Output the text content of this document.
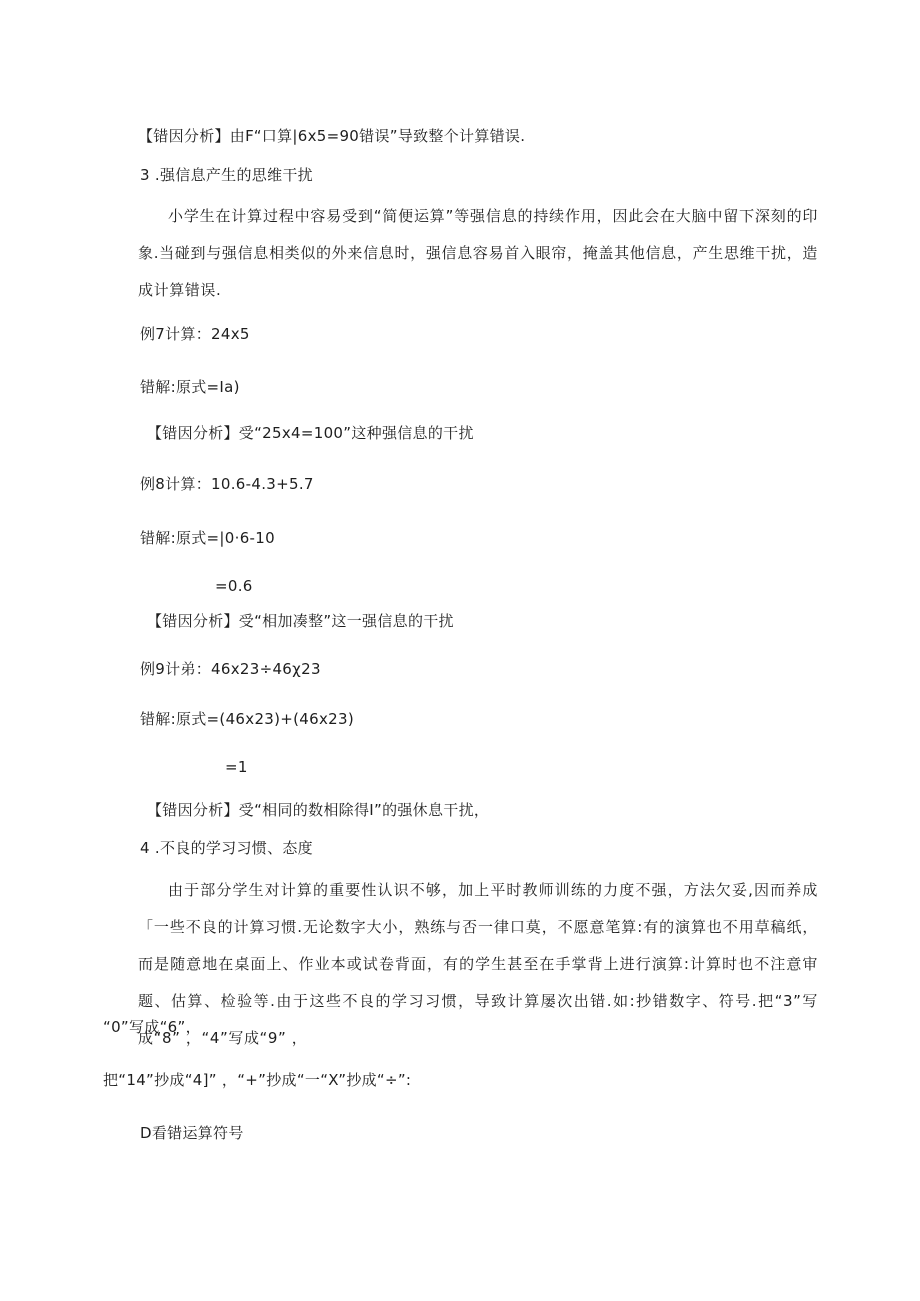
【错因分析】由F“口算|6x5=90错误”导致整个计算错误.
3 .强信息产生的思维干扰
小学生在计算过程中容易受到“简便运算”等强信息的持续作用，因此会在大脑中留下深刻的印象.当碰到与强信息相类似的外来信息时，强信息容易首入眼帘，掩盖其他信息，产生思维干扰，造成计算错误.
例7计算：24x5
错解:原式=Ia)
【错因分析】受“25x4=100”这种强信息的干扰
例8计算：10.6-4.3+5.7
错解:原式=|0·6-10
=0.6
【错因分析】受“相加凑整”这一强信息的干扰
例9计弟：46x23÷46χ23
错解:原式=(46x23)+(46x23)
=1
【错因分析】受“相同的数相除得I”的强休息干扰，
4 .不良的学习习惯、态度
由于部分学生对计算的重要性认识不够，加上平时教师训练的力度不强，方法欠妥,因而养成「一些不良的计算习惯.无论数字大小，熟练与否一律口莫，不愿意笔算:有的演算也不用草稿纸，而是随意地在桌面上、作业本或试卷背面，有的学生甚至在手掌背上进行演算:计算时也不注意审题、估算、检验等.由于这些不良的学习习惯，导致计算屡次出错.如:抄错数字、符号.把“3”写成“8” ，“4”写成“9” ，
“0”写成“6”，
把“14”抄成“4]” ，“+”抄成“一“X”抄成“÷”:
D看错运算符号
